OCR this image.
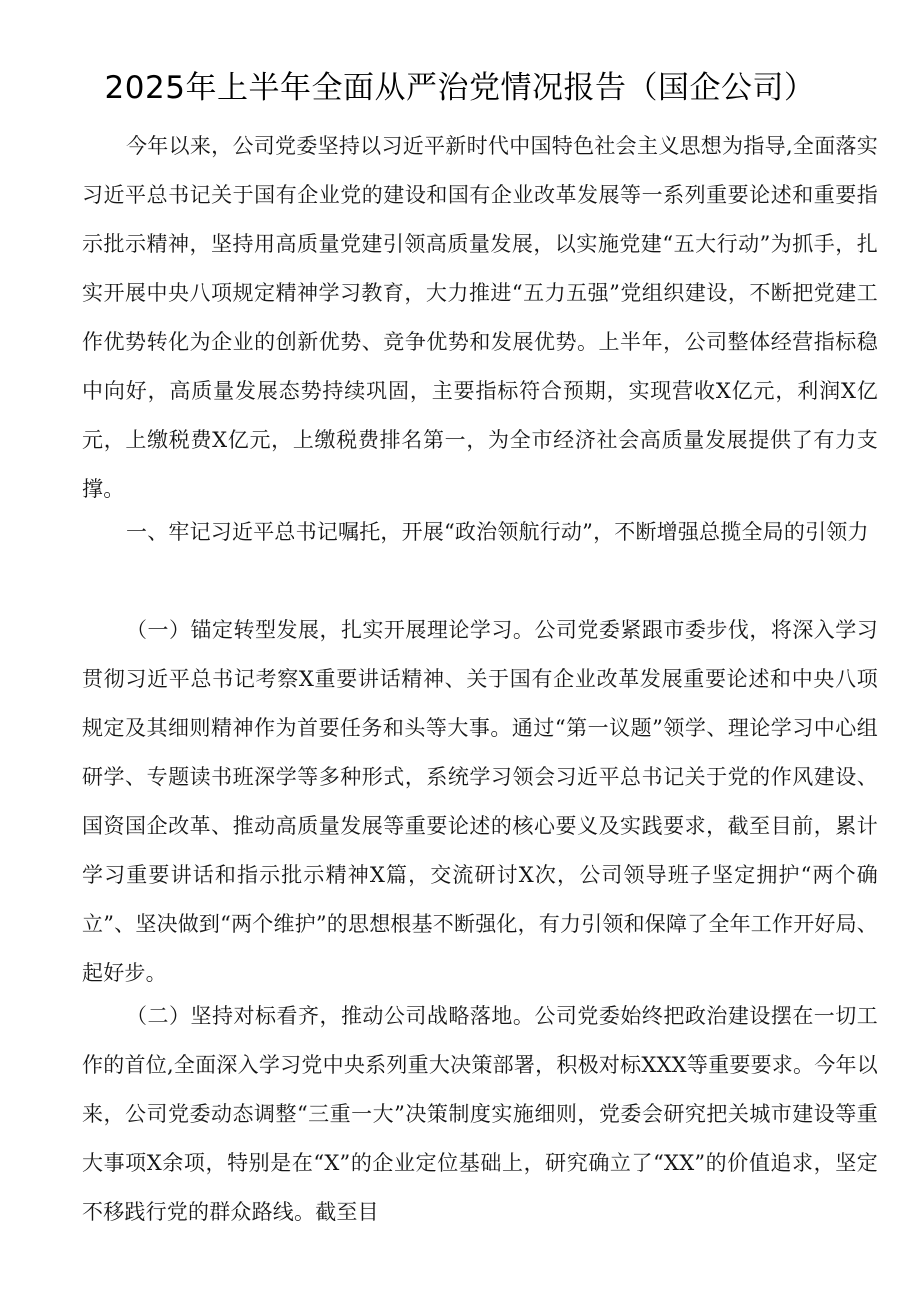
2025年上半年全面从严治党情况报告（国企公司）

今年以来，公司党委坚持以习近平新时代中国特色社会主义思想为指导,全面落实习近平总书记关于国有企业党的建设和国有企业改革发展等一系列重要论述和重要指示批示精神，坚持用高质量党建引领高质量发展，以实施党建“五大行动”为抓手，扎实开展中央八项规定精神学习教育，大力推进“五力五强”党组织建设，不断把党建工作优势转化为企业的创新优势、竞争优势和发展优势。上半年，公司整体经营指标稳中向好，高质量发展态势持续巩固，主要指标符合预期，实现营收X亿元，利润X亿元，上缴税费X亿元，上缴税费排名第一，为全市经济社会高质量发展提供了有力支撑。

一、牢记习近平总书记嘱托，开展“政治领航行动”，不断增强总揽全局的引领力

（一）锚定转型发展，扎实开展理论学习。公司党委紧跟市委步伐，将深入学习贯彻习近平总书记考察X重要讲话精神、关于国有企业改革发展重要论述和中央八项规定及其细则精神作为首要任务和头等大事。通过“第一议题”领学、理论学习中心组研学、专题读书班深学等多种形式，系统学习领会习近平总书记关于党的作风建设、国资国企改革、推动高质量发展等重要论述的核心要义及实践要求，截至目前，累计学习重要讲话和指示批示精神X篇，交流研讨X次，公司领导班子坚定拥护“两个确立”、坚决做到“两个维护”的思想根基不断强化，有力引领和保障了全年工作开好局、起好步。

（二）坚持对标看齐，推动公司战略落地。公司党委始终把政治建设摆在一切工作的首位,全面深入学习党中央系列重大决策部署，积极对标XXX等重要要求。今年以来，公司党委动态调整“三重一大”决策制度实施细则，党委会研究把关城市建设等重大事项X余项，特别是在“X”的企业定位基础上，研究确立了“XX”的价值追求，坚定不移践行党的群众路线。截至目
